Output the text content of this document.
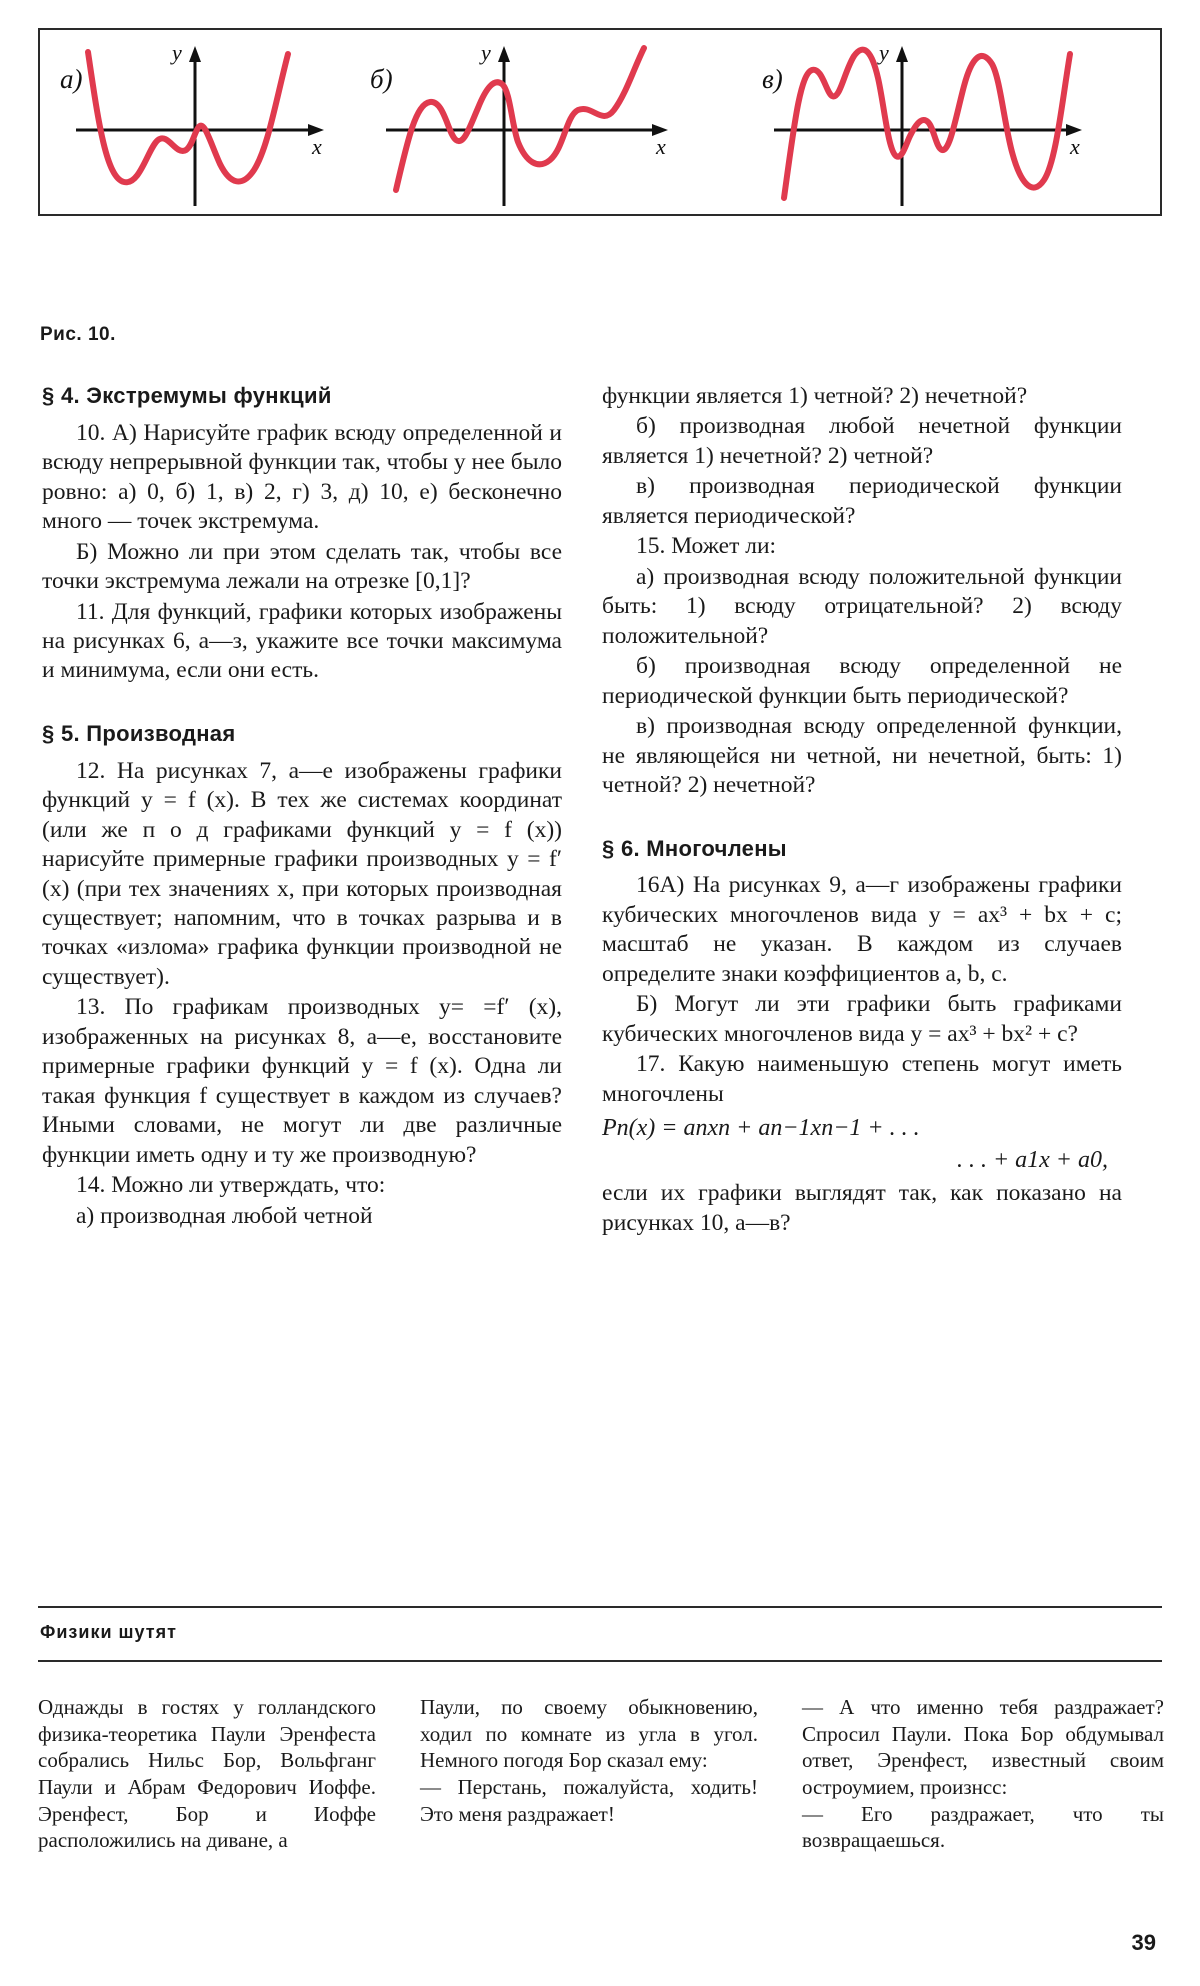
а)
x
y
б)
x
y
в)
x
y
Рис. 10.
§ 4. Экстремумы функций

10. А) Нарисуйте график всюду определенной и всюду непрерывной функции так, чтобы у нее было ровно: а) 0, б) 1, в) 2, г) 3, д) 10, е) бесконечно много — точек экстремума.

Б) Можно ли при этом сделать так, чтобы все точки экстремума лежали на отрезке [0,1]?

11. Для функций, графики которых изображены на рисунках 6, а—з, укажите все точки максимума и минимума, если они есть.

§ 5. Производная

12. На рисунках 7, а—е изображены графики функций y = f (x). В тех же системах координат (или же п о д графиками функций y = f (x)) нарисуйте примерные графики производных y = f′ (x) (при тех значениях x, при которых производная существует; напомним, что в точках разрыва и в точках «излома» графика функции производной не существует).

13. По графикам производных y= =f′ (x), изображенных на рисунках 8, а—е, восстановите примерные графики функций y = f (x). Одна ли такая функция f существует в каждом из случаев? Иными словами, не могут ли две различные функции иметь одну и ту же производную?

14. Можно ли утверждать, что:

а) производная любой четной

функции является 1) четной? 2) нечетной?

б) производная любой нечетной функции является 1) нечетной? 2) четной?

в) производная периодической функции является периодической?

15. Может ли:

а) производная всюду положительной функции быть: 1) всюду отрицательной? 2) всюду положительной?

б) производная всюду определенной не периодической функции быть периодической?

в) производная всюду определенной функции, не являющейся ни четной, ни нечетной, быть: 1) четной? 2) нечетной?

§ 6. Многочлены

16А) На рисунках 9, а—г изображены графики кубических многочленов вида y = ax³ + bx + c; масштаб не указан. В каждом из случаев определите знаки коэффициентов a, b, c.

Б) Могут ли эти графики быть графиками кубических многочленов вида y = ax³ + bx² + c?

17. Какую наименьшую степень могут иметь многочлены

Pn(x) = anxn + an−1xn−1 + . . .

. . . + a1x + a0,

если их графики выглядят так, как показано на рисунках 10, а—в?

Физики шутят

Однажды в гостях у голландского физика-теоретика Паули Эренфеста собрались Нильс Бор, Вольфганг Паули и Абрам Федорович Иоффе. Эренфест, Бор и Иоффе расположились на диване, а

Паули, по своему обыкновению, ходил по комнате из угла в угол. Немного погодя Бор сказал ему:

— Перстань, пожалуйста, ходить! Это меня раздражает!

— А что именно тебя раздражает? Спросил Паули. Пока Бор обдумывал ответ, Эренфест, известный своим остроумием, произнсс:

— Его раздражает, что ты возвращаешься.

39
